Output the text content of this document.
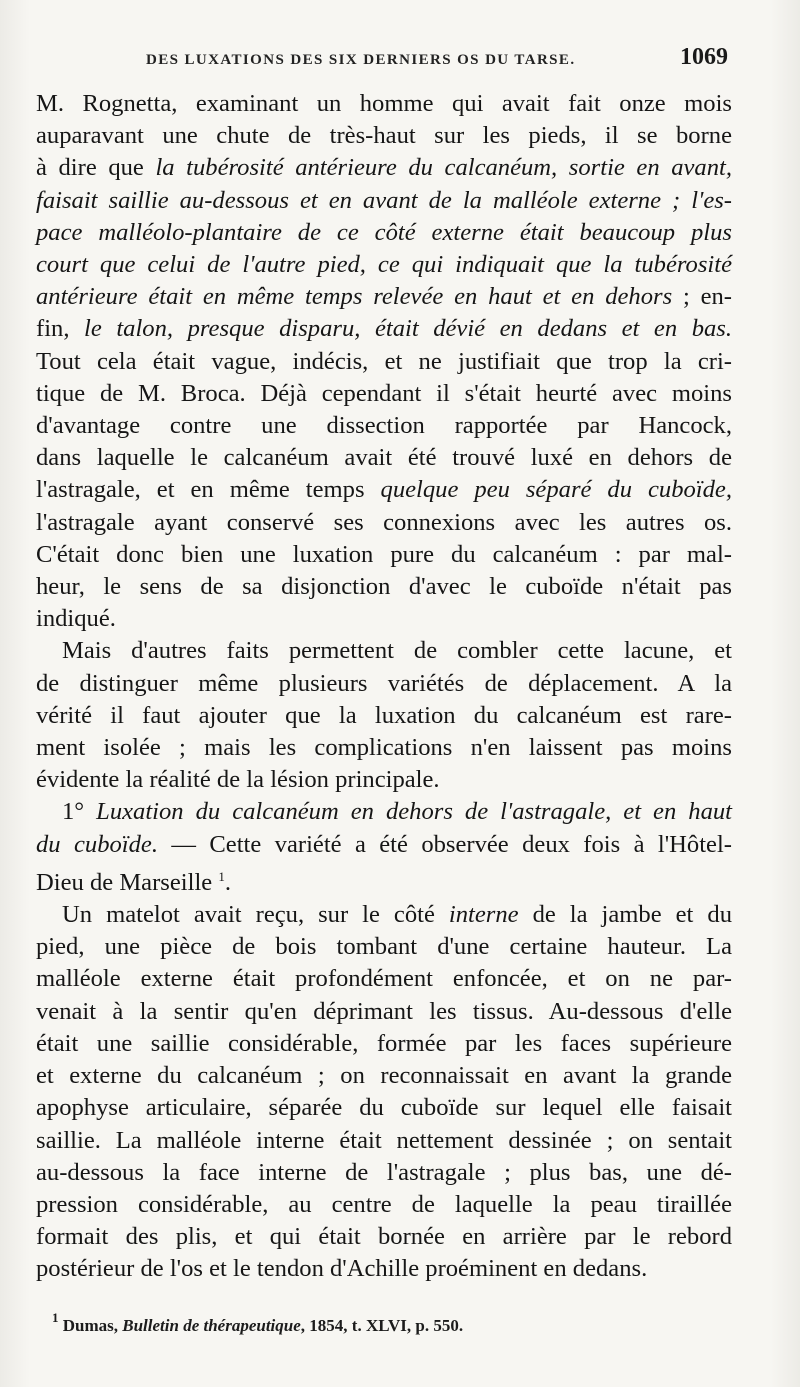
DES LUXATIONS DES SIX DERNIERS OS DU TARSE.	1069

M. Rognetta, examinant un homme qui avait fait onze mois
auparavant une chute de très-haut sur les pieds, il se borne
à dire que la tubérosité antérieure du calcanéum, sortie en avant,
faisait saillie au-dessous et en avant de la malléole externe ; l'es-
pace malléolo-plantaire de ce côté externe était beaucoup plus
court que celui de l'autre pied, ce qui indiquait que la tubérosité
antérieure était en même temps relevée en haut et en dehors ; en-
fin, le talon, presque disparu, était dévié en dedans et en bas.
Tout cela était vague, indécis, et ne justifiait que trop la cri-
tique de M. Broca. Déjà cependant il s'était heurté avec moins
d'avantage contre une dissection rapportée par Hancock,
dans laquelle le calcanéum avait été trouvé luxé en dehors de
l'astragale, et en même temps quelque peu séparé du cuboïde,
l'astragale ayant conservé ses connexions avec les autres os.
C'était donc bien une luxation pure du calcanéum : par mal-
heur, le sens de sa disjonction d'avec le cuboïde n'était pas
indiqué.

Mais d'autres faits permettent de combler cette lacune, et
de distinguer même plusieurs variétés de déplacement. A la
vérité il faut ajouter que la luxation du calcanéum est rare-
ment isolée ; mais les complications n'en laissent pas moins
évidente la réalité de la lésion principale.

1° Luxation du calcanéum en dehors de l'astragale, et en haut
du cuboïde. — Cette variété a été observée deux fois à l'Hôtel-
Dieu de Marseille $^1$.

Un matelot avait reçu, sur le côté interne de la jambe et du
pied, une pièce de bois tombant d'une certaine hauteur. La
malléole externe était profondément enfoncée, et on ne par-
venait à la sentir qu'en déprimant les tissus. Au-dessous d'elle
était une saillie considérable, formée par les faces supérieure
et externe du calcanéum ; on reconnaissait en avant la grande
apophyse articulaire, séparée du cuboïde sur lequel elle faisait
saillie. La malléole interne était nettement dessinée ; on sentait
au-dessous la face interne de l'astragale ; plus bas, une dé-
pression considérable, au centre de laquelle la peau tiraillée
formait des plis, et qui était bornée en arrière par le rebord
postérieur de l'os et le tendon d'Achille proéminent en dedans.

$^1$ Dumas, Bulletin de thérapeutique, 1854, t. XLVI, p. 550.
